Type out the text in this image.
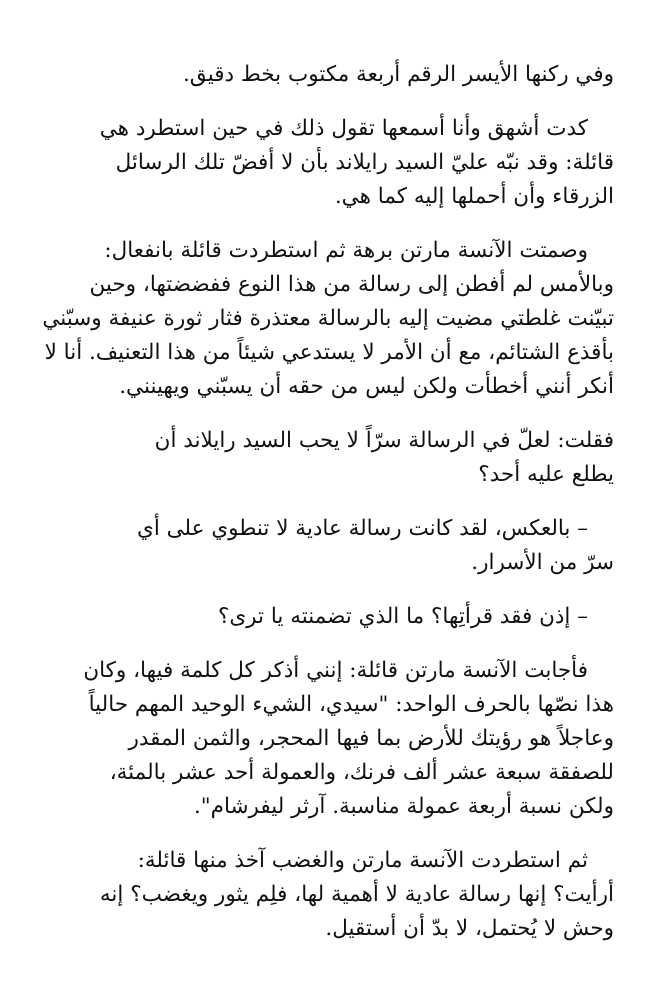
وفي ركنها الأيسر الرقم أربعة مكتوب بخط دقيق.

كدت أشهق وأنا أسمعها تقول ذلك في حين استطرد هي
قائلة: وقد نبّه عليّ السيد رايلاند بأن لا أفضّ تلك الرسائل
الزرقاء وأن أحملها إليه كما هي.

وصمتت الآنسة مارتن برهة ثم استطردت قائلة بانفعال:
وبالأمس لم أفطن إلى رسالة من هذا النوع ففضضتها، وحين
تبيّنت غلطتي مضيت إليه بالرسالة معتذرة فثار ثورة عنيفة وسبّني
بأقذع الشتائم، مع أن الأمر لا يستدعي شيئاً من هذا التعنيف. أنا لا
أنكر أنني أخطأت ولكن ليس من حقه أن يسبّني ويهينني.

فقلت: لعلّ في الرسالة سرّاً لا يحب السيد رايلاند أن
يطلع عليه أحد؟

– بالعكس، لقد كانت رسالة عادية لا تنطوي على أي
سرّ من الأسرار.

– إذن فقد قرأتِها؟ ما الذي تضمنته يا ترى؟

فأجابت الآنسة مارتن قائلة: إنني أذكر كل كلمة فيها، وكان
هذا نصّها بالحرف الواحد: "سيدي، الشيء الوحيد المهم حالياً
وعاجلاً هو رؤيتك للأرض بما فيها المحجر، والثمن المقدر
للصفقة سبعة عشر ألف فرنك، والعمولة أحد عشر بالمئة،
ولكن نسبة أربعة عمولة مناسبة. آرثر ليفرشام".

ثم استطردت الآنسة مارتن والغضب آخذ منها قائلة:
أرأيت؟ إنها رسالة عادية لا أهمية لها، فلِم يثور ويغضب؟ إنه
وحش لا يُحتمل، لا بدّ أن أستقيل.
